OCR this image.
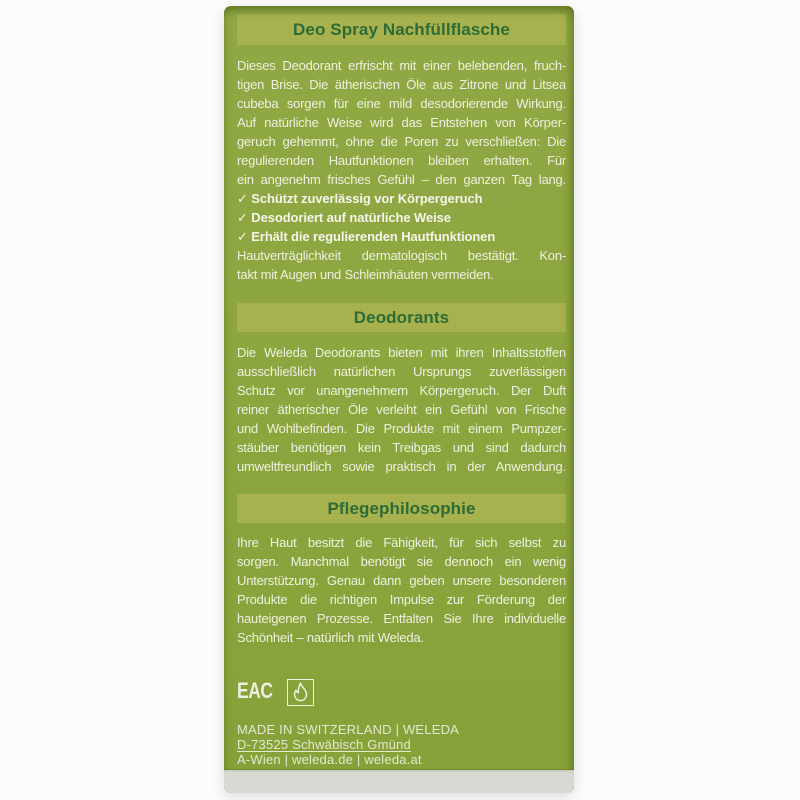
Deo Spray Nachfüllflasche
Dieses Deodorant erfrischt mit einer belebenden, fruch-
tigen Brise. Die ätherischen Öle aus Zitrone und Litsea
cubeba sorgen für eine mild desodorierende Wirkung.
Auf natürliche Weise wird das Entstehen von Körper-
geruch gehemmt, ohne die Poren zu verschließen: Die
regulierenden Hautfunktionen bleiben erhalten. Für
ein angenehm frisches Gefühl – den ganzen Tag lang.
✓ Schützt zuverlässig vor Körpergeruch
✓ Desodoriert auf natürliche Weise
✓ Erhält die regulierenden Hautfunktionen
Hautverträglichkeit dermatologisch bestätigt. Kon-
takt mit Augen und Schleimhäuten vermeiden.
Deodorants
Die Weleda Deodorants bieten mit ihren Inhaltsstoffen
ausschließlich natürlichen Ursprungs zuverlässigen
Schutz vor unangenehmem Körpergeruch. Der Duft
reiner ätherischer Öle verleiht ein Gefühl von Frische
und Wohlbefinden. Die Produkte mit einem Pumpzer-
stäuber benötigen kein Treibgas und sind dadurch
umweltfreundlich sowie praktisch in der Anwendung.
Pflegephilosophie
Ihre Haut besitzt die Fähigkeit, für sich selbst zu
sorgen. Manchmal benötigt sie dennoch ein wenig
Unterstützung. Genau dann geben unsere besonderen
Produkte die richtigen Impulse zur Förderung der
hauteigenen Prozesse. Entfalten Sie Ihre individuelle
Schönheit – natürlich mit Weleda.
EAC
MADE IN SWITZERLAND | WELEDA
D-73525 Schwäbisch Gmünd
A-Wien | weleda.de | weleda.at
